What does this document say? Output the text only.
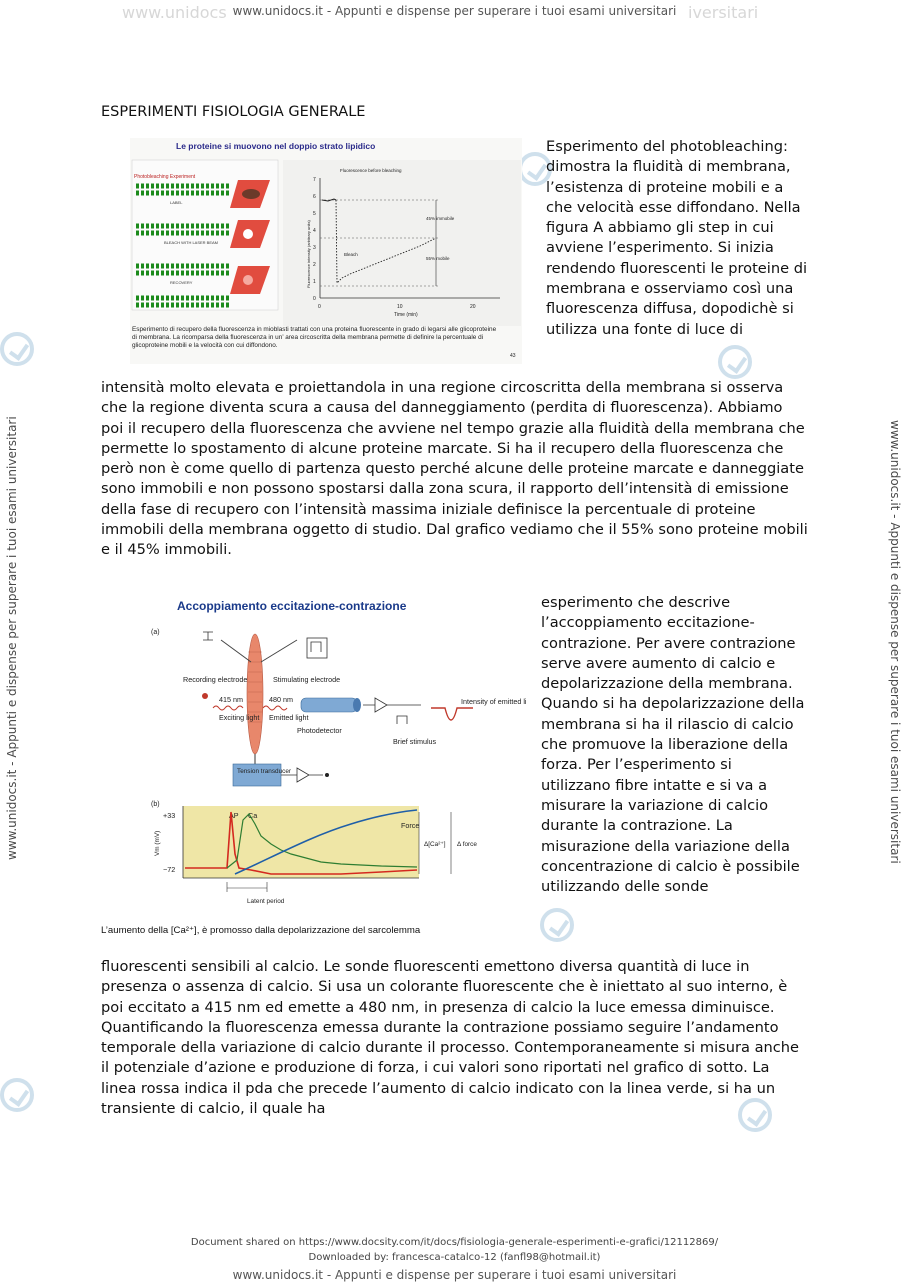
www.unidocs www.unidocs.it - Appunti e dispense per superare i tuoi esami universitari iversitari
www.unidocs.it - Appunti e dispense per superare i tuoi esami universitari	www.unidocs.it - Appunti e dispense per superare i tuoi esami universitari
ESPERIMENTI FISIOLOGIA GENERALE
Le proteine si muovono nel doppio strato lipidico
Photobleaching Experiment
LABEL
BLEACH WITH LASER BEAM
RECOVERY
0
1
2
3
4
5
6
7
0	10	20
Time (min)
Fluorescence before bleaching
45% immobile
55% mobile
Bleach
Fluorescence intensity (arbitrary units)
43
Esperimento di recupero della fluorescenza in mioblasti trattati con una proteina fluorescente in grado di legarsi alle glicoproteine di membrana. La ricomparsa della fluorescenza in un’ area circoscritta della membrana permette di definire la percentuale di glicoproteine mobili e la velocità con cui diffondono.
Esperimento del photobleaching: dimostra la fluidità di membrana, l’esistenza di proteine mobili e a che velocità esse diffondano. Nella figura A abbiamo gli step in cui avviene l’esperimento. Si inizia rendendo fluorescenti le proteine di membrana e osserviamo così una fluorescenza diffusa, dopodichè si utilizza una fonte di luce di
intensità molto elevata e proiettandola in una regione circoscritta della membrana si osserva che la regione diventa scura a causa del danneggiamento (perdita di fluorescenza). Abbiamo poi il recupero della fluorescenza che avviene nel tempo grazie alla fluidità della membrana che permette lo spostamento di alcune proteine marcate. Si ha il recupero della fluorescenza che però non è come quello di partenza questo perché alcune delle proteine marcate e danneggiate sono immobili e non possono spostarsi dalla zona scura, il rapporto dell’intensità di emissione della fase di recupero con l’intensità massima iniziale definisce la percentuale di proteine immobili della membrana oggetto di studio. Dal grafico vediamo che il 55% sono proteine mobili e il 45% immobili.
Accoppiamento eccitazione-contrazione
(a)
Recording electrode	Stimulating electrode
415 nm	480 nm
Exciting light Emitted light
Photodetector
Intensity of emitted li
Brief stimulus
Tension transducer
(b)
+33
−72
AP Ca
Force
Δ[Ca²⁺] Δ force
Latent period
Vm (mV)
L’aumento della [Ca²⁺], è promosso dalla depolarizzazione del sarcolemma
esperimento che descrive l’accoppiamento eccitazione-contrazione. Per avere contrazione serve avere aumento di calcio e depolarizzazione della membrana. Quando si ha depolarizzazione della membrana si ha il rilascio di calcio che promuove la liberazione della forza. Per l’esperimento si utilizzano fibre intatte e si va a misurare la variazione di calcio durante la contrazione. La misurazione della variazione della concentrazione di calcio è possibile utilizzando delle sonde
fluorescenti sensibili al calcio. Le sonde fluorescenti emettono diversa quantità di luce in presenza o assenza di calcio. Si usa un colorante fluorescente che è iniettato al suo interno, è poi eccitato a 415 nm ed emette a 480 nm, in presenza di calcio la luce emessa diminuisce. Quantificando la fluorescenza emessa durante la contrazione possiamo seguire l’andamento temporale della variazione di calcio durante il processo. Contemporaneamente si misura anche il potenziale d’azione e produzione di forza, i cui valori sono riportati nel grafico di sotto. La linea rossa indica il pda che precede l’aumento di calcio indicato con la linea verde, si ha un transiente di calcio, il quale ha
Document shared on https://www.docsity.com/it/docs/fisiologia-generale-esperimenti-e-grafici/12112869/
Downloaded by: francesca-catalco-12 (fanfl98@hotmail.it)
www.unidocs.it - Appunti e dispense per superare i tuoi esami universitari
